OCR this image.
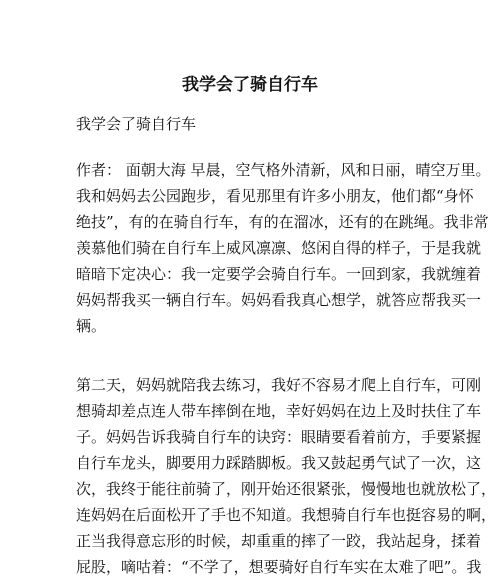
我学会了骑自行车
我学会了骑自行车

作者： 面朝大海 早晨，空气格外清新，风和日丽，晴空万里。
我和妈妈去公园跑步，看见那里有许多小朋友，他们都“身怀
绝技”，有的在骑自行车，有的在溜冰，还有的在跳绳。我非常
羡慕他们骑在自行车上威风凛凛、悠闲自得的样子，于是我就
暗暗下定决心：我一定要学会骑自行车。一回到家，我就缠着
妈妈帮我买一辆自行车。妈妈看我真心想学，就答应帮我买一
辆。

第二天，妈妈就陪我去练习，我好不容易才爬上自行车，可刚
想骑却差点连人带车摔倒在地，幸好妈妈在边上及时扶住了车
子。妈妈告诉我骑自行车的诀窍：眼睛要看着前方，手要紧握
自行车龙头，脚要用力踩踏脚板。我又鼓起勇气试了一次，这
次，我终于能往前骑了，刚开始还很紧张，慢慢地也就放松了，
连妈妈在后面松开了手也不知道。我想骑自行车也挺容易的啊，
正当我得意忘形的时候，却重重的摔了一跤，我站起身，揉着
屁股，嘀咕着：“不学了，想要骑好自行车实在太难了吧”。我
